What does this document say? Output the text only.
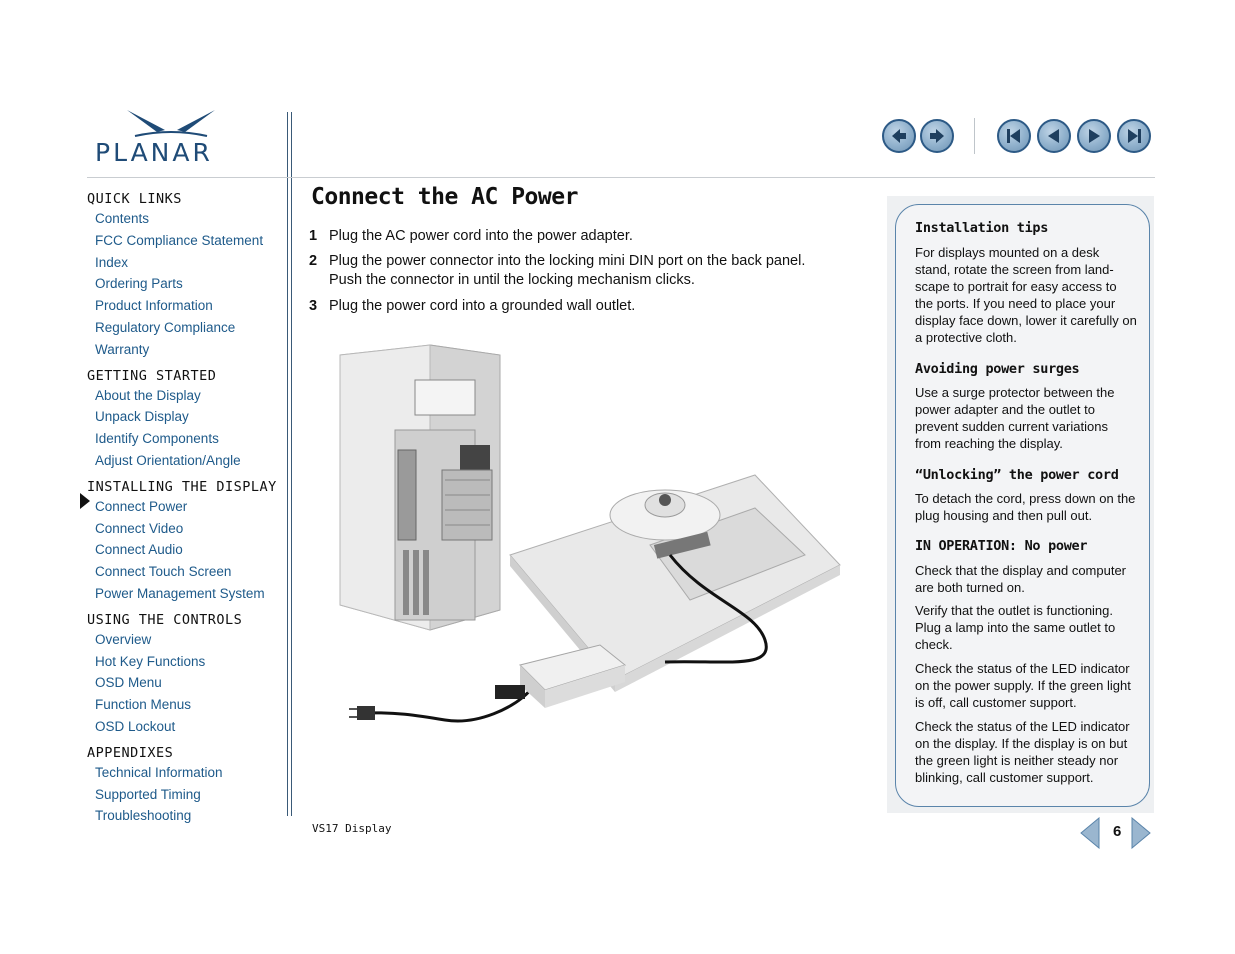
PLANAR
QUICK LINKS
Contents
FCC Compliance Statement
Index
Ordering Parts
Product Information
Regulatory Compliance
Warranty
GETTING STARTED
About the Display
Unpack Display
Identify Components
Adjust Orientation/Angle
INSTALLING THE DISPLAY
Connect Power
Connect Video
Connect Audio
Connect Touch Screen
Power Management System
USING THE CONTROLS
Overview
Hot Key Functions
OSD Menu
Function Menus
OSD Lockout
APPENDIXES
Technical Information
Supported Timing
Troubleshooting
Connect the AC Power
1 Plug the AC power cord into the power adapter.
2 Plug the power connector into the locking mini DIN port on the back panel. Push the connector in until the locking mechanism clicks.
3 Plug the power cord into a grounded wall outlet.
Installation tips
For displays mounted on a desk stand, rotate the screen from land-scape to portrait for easy access to the ports. If you need to place your display face down, lower it carefully on a protective cloth.
Avoiding power surges
Use a surge protector between the power adapter and the outlet to prevent sudden current variations from reaching the display.
“Unlocking” the power cord
To detach the cord, press down on the plug housing and then pull out.
IN OPERATION: No power
Check that the display and computer are both turned on.
Verify that the outlet is functioning. Plug a lamp into the same outlet to check.
Check the status of the LED indicator on the power supply. If the green light is off, call customer support.
Check the status of the LED indicator on the display. If the display is on but the green light is neither steady nor blinking, call customer support.
VS17 Display	6
